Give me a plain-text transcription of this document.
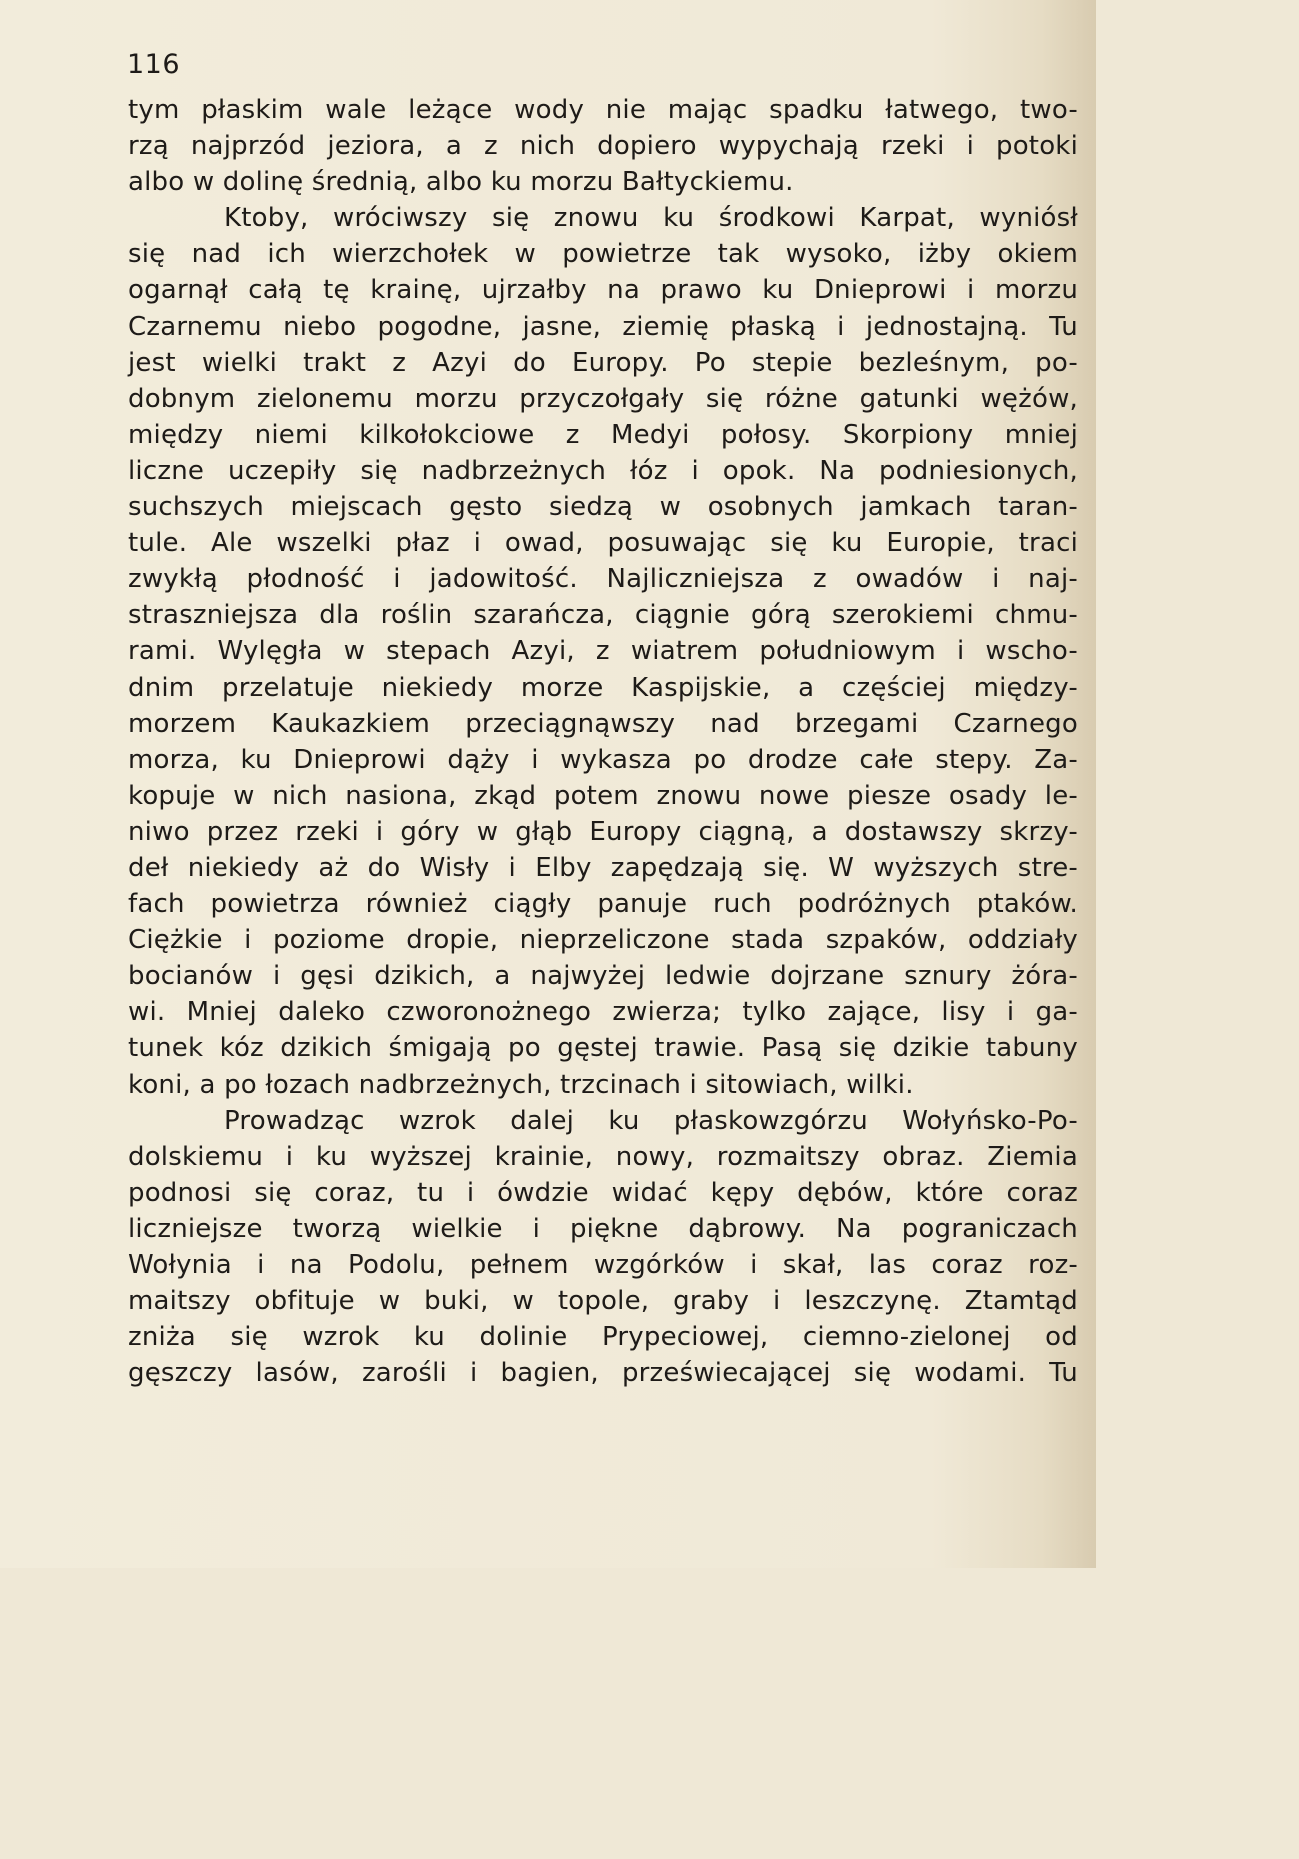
116
tym płaskim wale leżące wody nie mając spadku łatwego, two-
rzą najprzód jeziora, a z nich dopiero wypychają rzeki i potoki
albo w dolinę średnią, albo ku morzu Bałtyckiemu.
Ktoby, wróciwszy się znowu ku środkowi Karpat, wyniósł
się nad ich wierzchołek w powietrze tak wysoko, iżby okiem
ogarnął całą tę krainę, ujrzałby na prawo ku Dnieprowi i morzu
Czarnemu niebo pogodne, jasne, ziemię płaską i jednostajną. Tu
jest wielki trakt z Azyi do Europy. Po stepie bezleśnym, po-
dobnym zielonemu morzu przyczołgały się różne gatunki wężów,
między niemi kilkołokciowe z Medyi połosy. Skorpiony mniej
liczne uczepiły się nadbrzeżnych łóz i opok. Na podniesionych,
suchszych miejscach gęsto siedzą w osobnych jamkach taran-
tule. Ale wszelki płaz i owad, posuwając się ku Europie, traci
zwykłą płodność i jadowitość. Najliczniejsza z owadów i naj-
straszniejsza dla roślin szarańcza, ciągnie górą szerokiemi chmu-
rami. Wylęgła w stepach Azyi, z wiatrem południowym i wscho-
dnim przelatuje niekiedy morze Kaspijskie, a częściej między-
morzem Kaukazkiem przeciągnąwszy nad brzegami Czarnego
morza, ku Dnieprowi dąży i wykasza po drodze całe stepy. Za-
kopuje w nich nasiona, zkąd potem znowu nowe piesze osady le-
niwo przez rzeki i góry w głąb Europy ciągną, a dostawszy skrzy-
deł niekiedy aż do Wisły i Elby zapędzają się. W wyższych stre-
fach powietrza również ciągły panuje ruch podróżnych ptaków.
Ciężkie i poziome dropie, nieprzeliczone stada szpaków, oddziały
bocianów i gęsi dzikich, a najwyżej ledwie dojrzane sznury żóra-
wi. Mniej daleko czworonożnego zwierza; tylko zające, lisy i ga-
tunek kóz dzikich śmigają po gęstej trawie. Pasą się dzikie tabuny
koni, a po łozach nadbrzeżnych, trzcinach i sitowiach, wilki.
Prowadząc wzrok dalej ku płaskowzgórzu Wołyńsko-Po-
dolskiemu i ku wyższej krainie, nowy, rozmaitszy obraz. Ziemia
podnosi się coraz, tu i ówdzie widać kępy dębów, które coraz
liczniejsze tworzą wielkie i piękne dąbrowy. Na pograniczach
Wołynia i na Podolu, pełnem wzgórków i skał, las coraz roz-
maitszy obfituje w buki, w topole, graby i leszczynę. Ztamtąd
zniża się wzrok ku dolinie Prypeciowej, ciemno-zielonej od
gęszczy lasów, zarośli i bagien, przeświecającej się wodami. Tu
